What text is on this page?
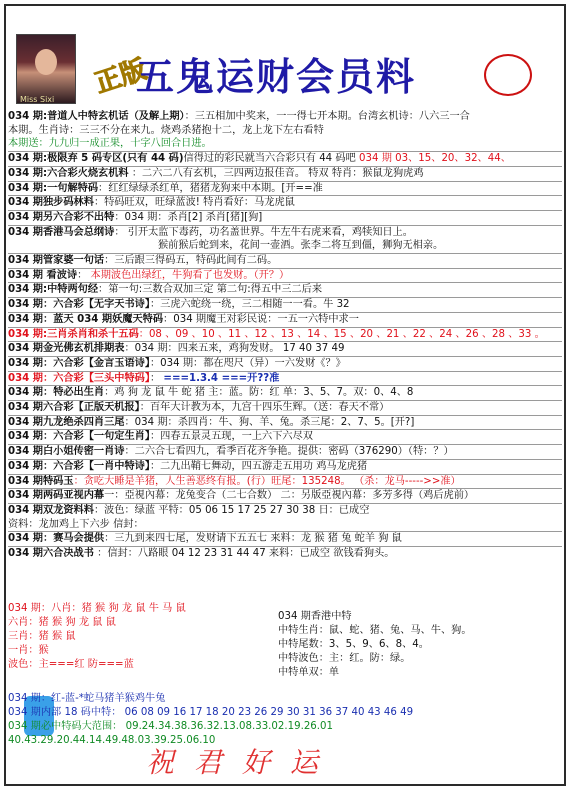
Miss Sixi
正版
五鬼运财会员料
034 期:普道人中特玄机话（及解上期）：三五相加中奖来，一一得七开本期。台湾玄机诗：八六三一合
本期。生肖诗：三三不分在来九。烧鸡杀猪抱十二，龙上龙下左右看特
本期送：九九归一成正果，十字八回合日进。
034 期:极限弃 5 码专区(只有 44 码)信得过的彩民就当六合彩只有 44 码吧 034 期 03、15、20、32、44、
034 期:六合彩火烧玄机料 ：二六二八有玄机，三四两边报佳音。 特双 特肖：猴鼠龙狗虎鸡
034 期:一句解特码：红红绿绿杀红单，猪猪龙狗来中本期。[开==准
034 期独步码林料：特码旺双，旺绿蓝波! 特肖看好：马龙虎鼠
034 期另六合彩不出特：034 期：杀肖[2] 杀肖[猪][狗]
034 期香港马会总纲诗： 引开太监下毒药，功名盖世界。牛左牛右虎来看，鸡犊知日上。
猴前猴后蛇到来，花间一壶酒。张李二将互到僵，狮狗无相亲。
034 期管家婆一句话：三后跟三得码五，特码此间有二码。
034 期 看波诗： 本期波色出绿红，牛狗看了也发财。（开？）
034 期:中特两句经：第一句:三数合双加三定 第二句:得五中三二后来
034 期：六合彩【无字天书诗】：三虎六蛇绕一绕，三二相随一一看。牛 32
034 期：蓝天 034 期妖魔天特码：034 期魔王对彩民说：一五一六特中求一
034 期:三肖杀肖和杀十五码：08 、09 、10 、11 、12 、13 、14 、15 、20 、21 、22 、24 、26 、28 、33 。
034 期金光佛玄机排期表：034 期：四来五来，鸡狗发财。 17 40 37 49
034 期：六合彩【金言玉语诗】：034 期：都在咫尺（异）一六发财《？》
034 期：六合彩【三头中特码】： ===1.3.4 ===开??准
034 期：特必出生肖：鸡 狗 龙 鼠 牛 蛇 猪 主：蓝。防：红 单：3、5、7。双：0、4、8
034 期六合彩【正版天机报】：百年大计教为本，九宫十四乐生辉。（送：春天不常）
034 期九龙绝杀四肖三尾：034 期：杀四肖：牛、狗、羊、兔。杀三尾：2、7、5。[开?]
034 期：六合彩【一句定生肖】：四春五景灵五现，一上六下六尽双
034 期白小姐传密一肖诗：二六合七看四九，看季百花齐争艳。提供：密码（376290）（特：？）
034 期：六合彩【一肖中特诗】：二九出鞘七舞动，四五游走五用功 鸡马龙虎猪
034 期特码玉：贪吃大睡是羊猪，人生善恶终有报。(行）旺尾：135248。 （杀：龙马----->>准）
034 期两码亚视内幕一：亞視內幕：龙兔变合（二七合数） 二：另版亞視內幕：多芳多得（鸡后虎前）
034 期双龙资料料：波色：绿蓝 平特：05 06 15 17 25 27 30 38 日：已成空
资料：龙加鸡上下六步 信封：
034 期：赛马会提供：三九到来四七尾，发财请下五五七 来料：龙 猴 猪 兔 蛇羊 狗 鼠
034 期六合决战书 ：信封：八路眼 04 12 23 31 44 47 来料：已成空 欲钱看狗头。
034 期：八肖：猪 猴 狗 龙 鼠 牛 马 鼠
六肖：猪 猴 狗 龙 鼠 鼠
三肖：猪 猴 鼠
一肖：猴
波色：主===红 防===蓝
034 期香港中特
中特生肖：鼠、蛇、猪、兔、马、牛、狗。
中特尾数：3、5、9、6、8、4。
中特波色：主：红。防：绿。
中特单双：单
034 期：红-蓝-*蛇马猪羊猴鸡牛兔
034 期内部 18 码中特： 06 08 09 16 17 18 20 23 26 29 30 31 36 37 40 43 46 49
034 期必中特码大范围： 09.24.34.38.36.32.13.08.33.02.19.26.01
40.43.29.20.44.14.49.48.03.39.25.06.10
祝君好运
